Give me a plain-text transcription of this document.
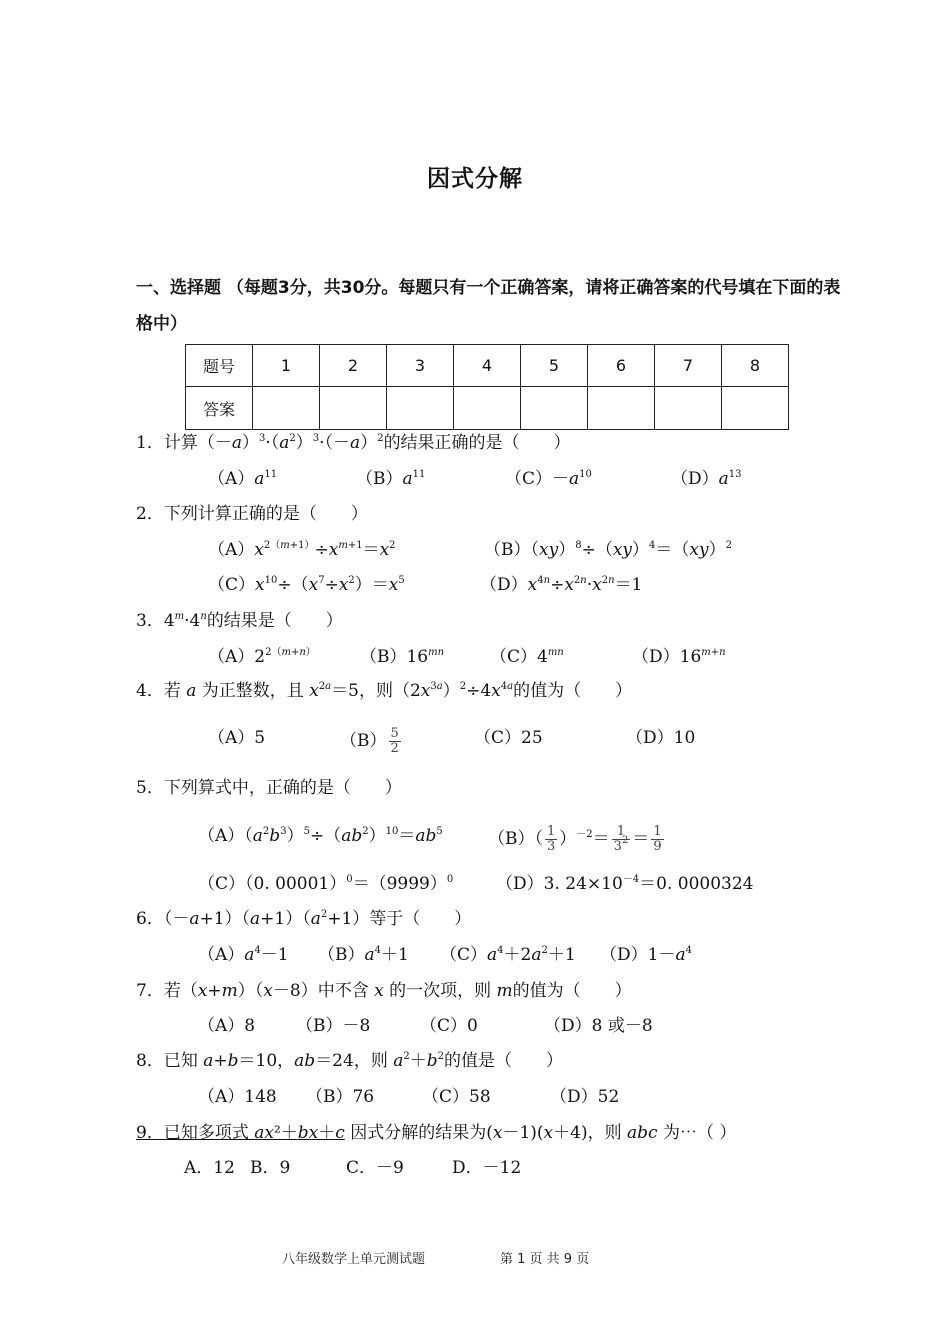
因式分解
一、选择题 （每题3分，共30分。每题只有一个正确答案，请将正确答案的代号填在下面的表格中）
题号	1	2	3	4	5	6	7	8
答案								
1．计算$(-a)^3\cdot(a^2)^3\cdot(-a)^2$的结果正确的是（　　）
$(A)a^{11}$	$(B)a^{11}$	$(C)-a^{10}$	$(D)a^{13}$
2．下列计算正确的是（　　）
$(A)x^{2(m+1)}\div x^{m+1}=x^2$	（B）（xy）$^8$÷（xy）$^4$＝（xy）$^2$
$(C)x^{10}\div(x^7\div x^2)=x^5$	$(D)x^{4n}\div x^{2n}\cdot x^{2n}=1$
3．$4^m\cdot 4^n$的结果是（　　）
$(A)2^{2(m+n)}$	$(B)16^{mn}$	$(C)4^{mn}$	$(D)16^{m+n}$
4．若 a 为正整数，且 $x^{2a}=5$，则$(2x^{3a})^2\div 4x^{4a}$的值为（　　）
（A）5	$(B) \frac{5}{2}$	（C）25	（D）10
5．下列算式中，正确的是（　　）
$(A)(a^2b^3)^5\div(ab^2)^{10}=ab^5$	$(B)( \frac{1}{3} )^{-2}= \frac{1}{3^2} = \frac{1}{9}$
（C）（0. $00001)^0=(9999)^0$	（D）3. $24\times 10^{-4}=0$. 0000324
6．$(-a+1)(a+1)(a^2+1)$等于（　　）
$(A)a^4-1$ $(B)a^4+1$ $(C)a^4+2a^2+1$ $(D)1-a^4$
7．若（x+m）（x－8）中不含 x 的一次项，则 m的值为（　　）
（A）8 （B）－8	（C）0	（D）8 或－8
8．已知 a+b＝10，ab＝24，则 $a^2+b^2$的值是（　　）
（A）148 （B）76	（C）58	（D）52
9．已知多项式 ax²＋bx＋c 因式分解的结果为(x－1)(x＋4)，则 abc 为⋯（ ）
A．12 B．9	C．－9	D．－12
八年级数学上单元测试题	第 1 页 共 9 页
